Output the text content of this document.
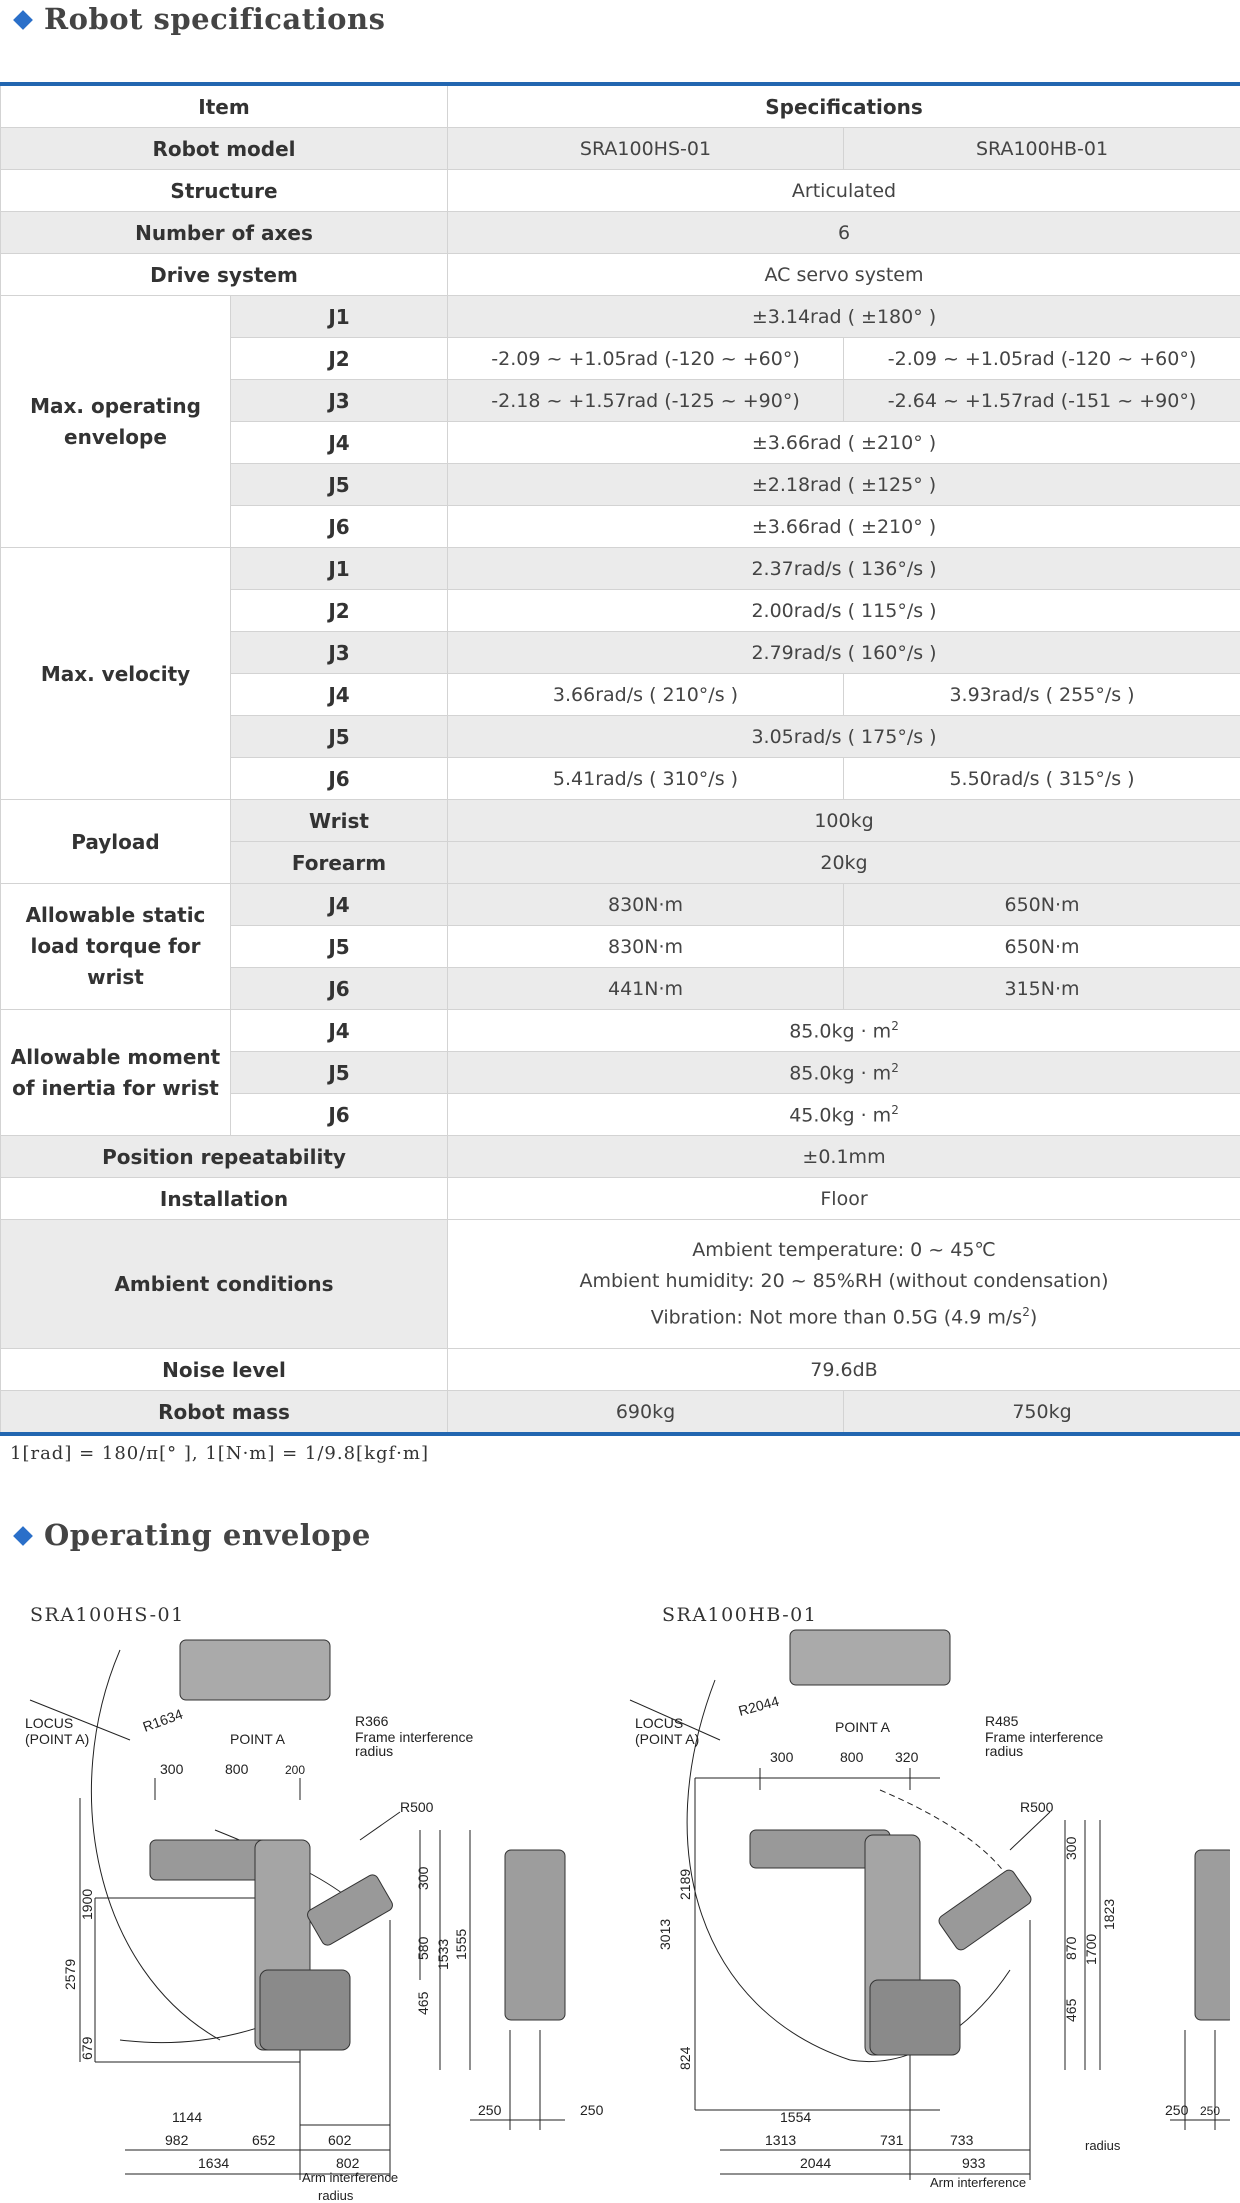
Robot specifications
Item		Specifications	
Robot model		SRA100HS-01	SRA100HB-01
Structure		Articulated	
Number of axes		6	
Drive system		AC servo system	
Max. operating envelope	J1	±3.14rad ( ±180° )	
	J2	-2.09 ~ +1.05rad (-120 ~ +60°)	-2.09 ~ +1.05rad (-120 ~ +60°)
	J3	-2.18 ~ +1.57rad (-125 ~ +90°)	-2.64 ~ +1.57rad (-151 ~ +90°)
	J4	±3.66rad ( ±210° )	
	J5	±2.18rad ( ±125° )	
	J6	±3.66rad ( ±210° )	
Max. velocity	J1	2.37rad/s ( 136°/s )	
	J2	2.00rad/s ( 115°/s )	
	J3	2.79rad/s ( 160°/s )	
	J4	3.66rad/s ( 210°/s )	3.93rad/s ( 255°/s )
	J5	3.05rad/s ( 175°/s )	
	J6	5.41rad/s ( 310°/s )	5.50rad/s ( 315°/s )
Payload	Wrist	100kg	
	Forearm	20kg	
Allowable static load torque for wrist	J4	830N·m	650N·m
	J5	830N·m	650N·m
	J6	441N·m	315N·m
Allowable moment of inertia for wrist	J4	$85.0kg \cdot m^2$
	J5	$85.0kg \cdot m^2$
	J6	$45.0kg \cdot m^2$
Position repeatability		±0.1mm	
Installation		Floor	
Ambient conditions		Ambient temperature: 0 ~ 45℃
Ambient humidity: 20 ~ 85%RH (without condensation)
Vibration: Not more than 0.5G (4.9 $m/s^2$)	

Noise level		79.6dB	
Robot mass		690kg	750kg
1[rad] = 180/π[° ], 1[N·m] = 1/9.8[kgf·m]
Operating envelope
SRA100HS-01	SRA100HB-01
LOCUS
(POINT A)
R1634
POINT A
R366
Frame interference
radius
R500
300	800	200
2579
1900
679
300
580 1533 1555
465
1144
982	652	602
1634	802
Arm interference
250	250
LOCUS
(POINT A)
R2044
POINT A	R485
Frame interference
radius
R500
300	800 320
3013
2189
824
300
870 1700
1823
465
1554
1313	731	733
2044	933
Arm interference
radius
250 250
radius
